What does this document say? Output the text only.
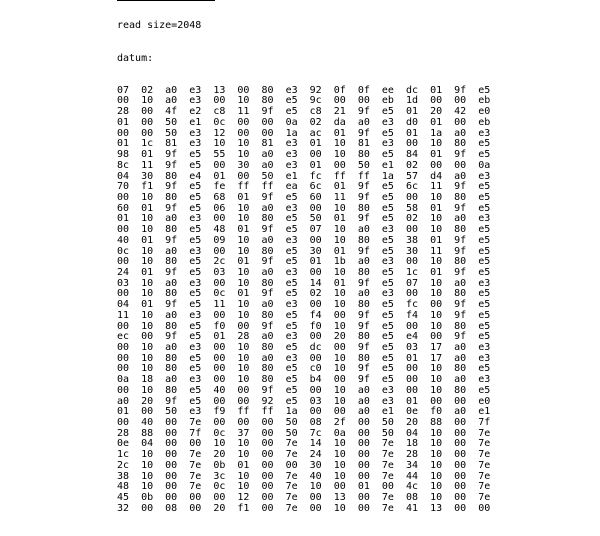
read size=2048

datum:

07  02  a0  e3  13  00  80  e3  92  0f  0f  ee  dc  01  9f  e5
00  10  a0  e3  00  10  80  e5  9c  00  00  eb  1d  00  00  eb
28  00  4f  e2  c8  11  9f  e5  c8  21  9f  e5  01  20  42  e0
01  00  50  e1  0c  00  00  0a  02  da  a0  e3  d0  01  00  eb
00  00  50  e3  12  00  00  1a  ac  01  9f  e5  01  1a  a0  e3
01  1c  81  e3  10  10  81  e3  01  10  81  e3  00  10  80  e5
98  01  9f  e5  55  10  a0  e3  00  10  80  e5  84  01  9f  e5
8c  11  9f  e5  00  30  a0  e3  01  00  50  e1  02  00  00  0a
04  30  80  e4  01  00  50  e1  fc  ff  ff  1a  57  d4  a0  e3
70  f1  9f  e5  fe  ff  ff  ea  6c  01  9f  e5  6c  11  9f  e5
00  10  80  e5  68  01  9f  e5  60  11  9f  e5  00  10  80  e5
60  01  9f  e5  06  10  a0  e3  00  10  80  e5  58  01  9f  e5
01  10  a0  e3  00  10  80  e5  50  01  9f  e5  02  10  a0  e3
00  10  80  e5  48  01  9f  e5  07  10  a0  e3  00  10  80  e5
40  01  9f  e5  09  10  a0  e3  00  10  80  e5  38  01  9f  e5
0c  10  a0  e3  00  10  80  e5  30  01  9f  e5  30  11  9f  e5
00  10  80  e5  2c  01  9f  e5  01  1b  a0  e3  00  10  80  e5
24  01  9f  e5  03  10  a0  e3  00  10  80  e5  1c  01  9f  e5
03  10  a0  e3  00  10  80  e5  14  01  9f  e5  07  10  a0  e3
00  10  80  e5  0c  01  9f  e5  02  10  a0  e3  00  10  80  e5
04  01  9f  e5  11  10  a0  e3  00  10  80  e5  fc  00  9f  e5
11  10  a0  e3  00  10  80  e5  f4  00  9f  e5  f4  10  9f  e5
00  10  80  e5  f0  00  9f  e5  f0  10  9f  e5  00  10  80  e5
ec  00  9f  e5  01  28  a0  e3  00  20  80  e5  e4  00  9f  e5
00  10  a0  e3  00  10  80  e5  dc  00  9f  e5  03  17  a0  e3
00  10  80  e5  00  10  a0  e3  00  10  80  e5  01  17  a0  e3
00  10  80  e5  00  10  80  e5  c0  10  9f  e5  00  10  80  e5
0a  18  a0  e3  00  10  80  e5  b4  00  9f  e5  00  10  a0  e3
00  10  80  e5  40  00  9f  e5  00  10  a0  e3  00  10  80  e5
a0  20  9f  e5  00  00  92  e5  03  10  a0  e3  01  00  00  e0
01  00  50  e3  f9  ff  ff  1a  00  00  a0  e1  0e  f0  a0  e1
00  40  00  7e  00  00  00  50  08  2f  00  50  20  88  00  7f
28  88  00  7f  0c  37  00  50  7c  0a  00  50  04  10  00  7e
0e  04  00  00  10  10  00  7e  14  10  00  7e  18  10  00  7e
1c  10  00  7e  20  10  00  7e  24  10  00  7e  28  10  00  7e
2c  10  00  7e  0b  01  00  00  30  10  00  7e  34  10  00  7e
38  10  00  7e  3c  10  00  7e  40  10  00  7e  44  10  00  7e
48  10  00  7e  0c  10  00  7e  10  00  01  00  4c  10  00  7e
45  0b  00  00  00  12  00  7e  00  13  00  7e  08  10  00  7e
32  00  08  00  20  f1  00  7e  00  10  00  7e  41  13  00  00
